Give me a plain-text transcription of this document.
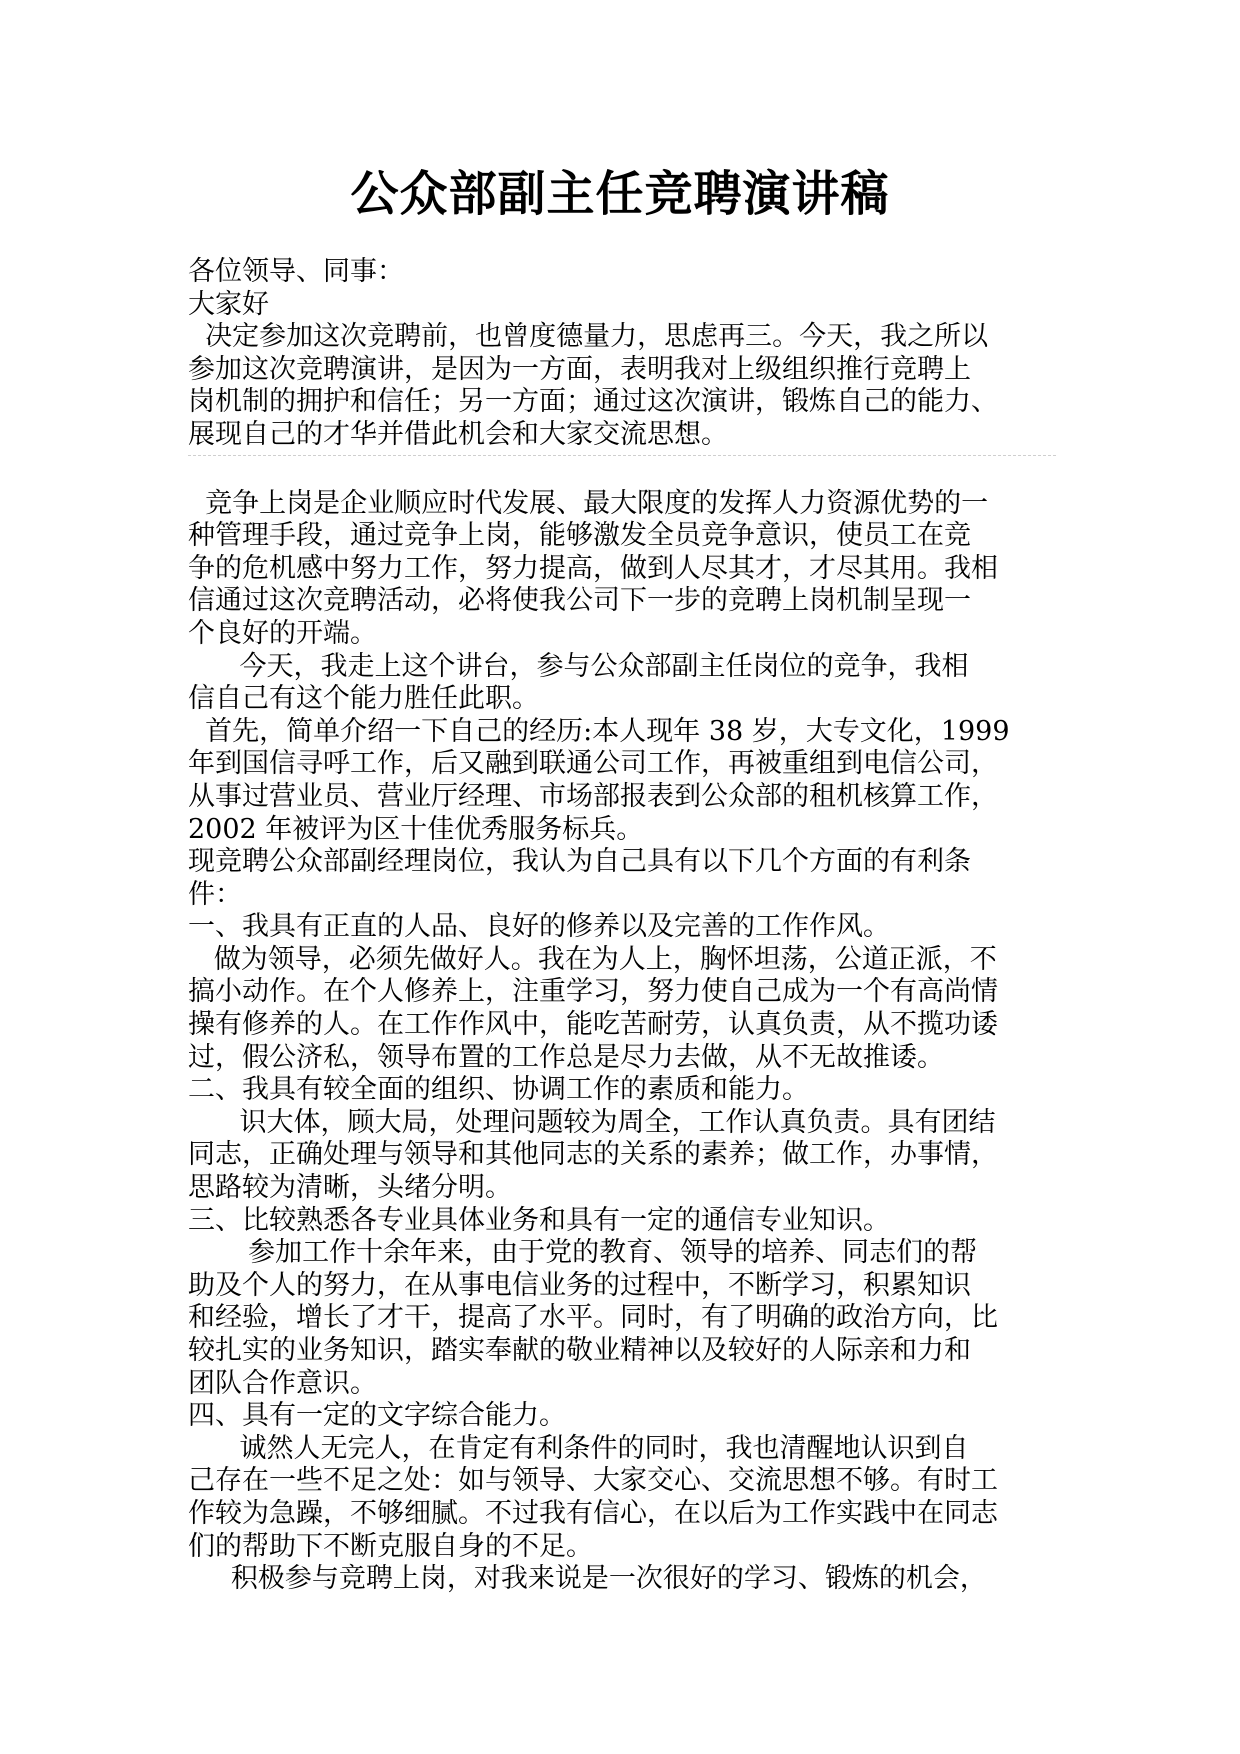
公众部副主任竞聘演讲稿
各位领导、同事：
大家好
决定参加这次竞聘前，也曾度德量力，思虑再三。今天，我之所以
参加这次竞聘演讲，是因为一方面，表明我对上级组织推行竞聘上
岗机制的拥护和信任；另一方面；通过这次演讲，锻炼自己的能力、
展现自己的才华并借此机会和大家交流思想。
竞争上岗是企业顺应时代发展、最大限度的发挥人力资源优势的一
种管理手段，通过竞争上岗，能够激发全员竞争意识，使员工在竞
争的危机感中努力工作，努力提高，做到人尽其才，才尽其用。我相
信通过这次竞聘活动，必将使我公司下一步的竞聘上岗机制呈现一
个良好的开端。
今天，我走上这个讲台，参与公众部副主任岗位的竞争，我相
信自己有这个能力胜任此职。
首先，简单介绍一下自己的经历:本人现年 38 岁，大专文化，1999
年到国信寻呼工作，后又融到联通公司工作，再被重组到电信公司，
从事过营业员、营业厅经理、市场部报表到公众部的租机核算工作，
2002 年被评为区十佳优秀服务标兵。
现竞聘公众部副经理岗位，我认为自己具有以下几个方面的有利条
件：
一、我具有正直的人品、良好的修养以及完善的工作作风。
做为领导，必须先做好人。我在为人上，胸怀坦荡，公道正派，不
搞小动作。在个人修养上，注重学习，努力使自己成为一个有高尚情
操有修养的人。在工作作风中，能吃苦耐劳，认真负责，从不揽功诿
过，假公济私，领导布置的工作总是尽力去做，从不无故推诿。
二、我具有较全面的组织、协调工作的素质和能力。
识大体，顾大局，处理问题较为周全，工作认真负责。具有团结
同志，正确处理与领导和其他同志的关系的素养；做工作，办事情，
思路较为清晰，头绪分明。
三、比较熟悉各专业具体业务和具有一定的通信专业知识。
参加工作十余年来，由于党的教育、领导的培养、同志们的帮
助及个人的努力，在从事电信业务的过程中，不断学习，积累知识
和经验，增长了才干，提高了水平。同时，有了明确的政治方向，比
较扎实的业务知识，踏实奉献的敬业精神以及较好的人际亲和力和
团队合作意识。
四、具有一定的文字综合能力。
诚然人无完人，在肯定有利条件的同时，我也清醒地认识到自
己存在一些不足之处：如与领导、大家交心、交流思想不够。有时工
作较为急躁，不够细腻。不过我有信心，在以后为工作实践中在同志
们的帮助下不断克服自身的不足。
积极参与竞聘上岗，对我来说是一次很好的学习、锻炼的机会，
